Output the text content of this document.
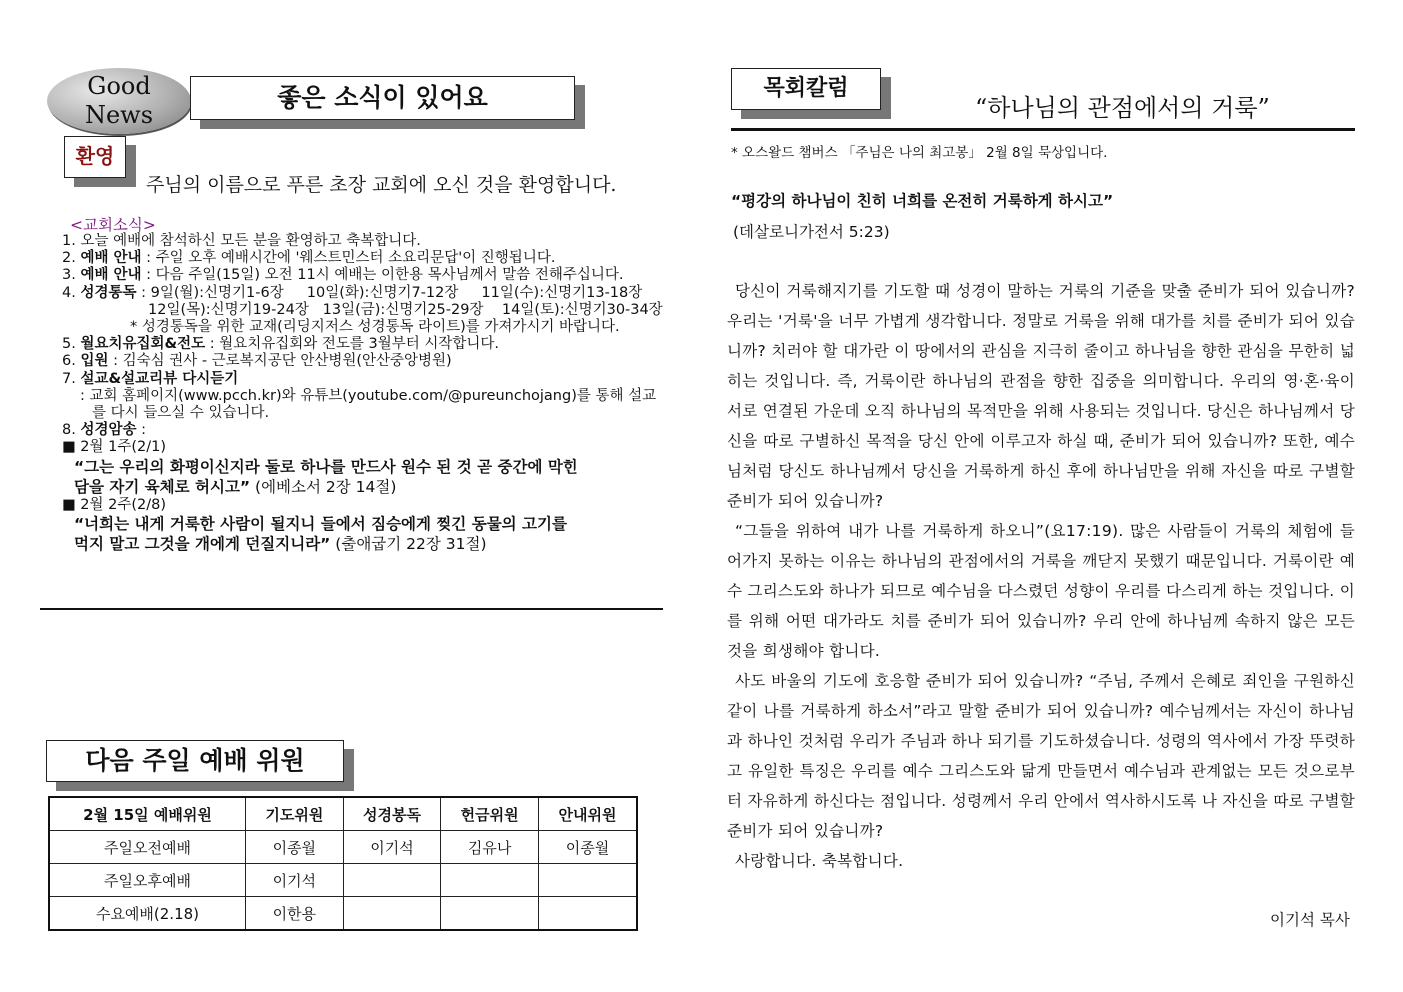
Good
News
좋은 소식이 있어요
환영
주님의 이름으로 푸른 초장 교회에 오신 것을 환영합니다.
<교회소식>
1. 오늘 예배에 참석하신 모든 분을 환영하고 축복합니다.
2. 예배 안내 : 주일 오후 예배시간에 '웨스트민스터 소요리문답'이 진행됩니다.
3. 예배 안내 : 다음 주일(15일) 오전 11시 예배는 이한용 목사님께서 말씀 전해주십니다.
4. 성경통독 : 9일(월):신명기1-6장     10일(화):신명기7-12장     11일(수):신명기13-18장
12일(목):신명기19-24장   13일(금):신명기25-29장    14일(토):신명기30-34장
* 성경통독을 위한 교재(리딩지저스 성경통독 라이트)를 가져가시기 바랍니다.
5. 월요치유집회&전도 : 월요치유집회와 전도를 3월부터 시작합니다.
6. 입원 : 김숙심 권사 - 근로복지공단 안산병원(안산중앙병원)
7. 설교&설교리뷰 다시듣기
: 교회 홈페이지(www.pcch.kr)와 유튜브(youtube.com/@pureunchojang)를 통해 설교
를 다시 들으실 수 있습니다.
8. 성경암송 :
■ 2월 1주(2/1)
“그는 우리의 화평이신지라 둘로 하나를 만드사 원수 된 것 곧 중간에 막힌
담을 자기 육체로 허시고” (에베소서 2장 14절)
■ 2월 2주(2/8)
“너희는 내게 거룩한 사람이 될지니 들에서 짐승에게 찢긴 동물의 고기를
먹지 말고 그것을 개에게 던질지니라” (출애굽기 22장 31절)
다음 주일 예배 위원
2월 15일 예배위원	기도위원	성경봉독	헌금위원	안내위원
주일오전예배	이종월	이기석	김유나	이종월
주일오후예배	이기석			
수요예배(2.18)	이한용			
목회칼럼
“하나님의 관점에서의 거룩”
* 오스왈드 챔버스 「주님은 나의 최고봉」 2월 8일 묵상입니다.
“평강의 하나님이 친히 너희를 온전히 거룩하게 하시고”
(데살로니가전서 5:23)

당신이 거룩해지기를 기도할 때 성경이 말하는 거룩의 기준을 맞출 준비가 되어 있습니까? 우리는 '거룩'을 너무 가볍게 생각합니다. 정말로 거룩을 위해 대가를 치를 준비가 되어 있습니까? 치러야 할 대가란 이 땅에서의 관심을 지극히 줄이고 하나님을 향한 관심을 무한히 넓히는 것입니다. 즉, 거룩이란 하나님의 관점을 향한 집중을 의미합니다. 우리의 영·혼·육이 서로 연결된 가운데 오직 하나님의 목적만을 위해 사용되는 것입니다. 당신은 하나님께서 당신을 따로 구별하신 목적을 당신 안에 이루고자 하실 때, 준비가 되어 있습니까? 또한, 예수님처럼 당신도 하나님께서 당신을 거룩하게 하신 후에 하나님만을 위해 자신을 따로 구별할 준비가 되어 있습니까?

“그들을 위하여 내가 나를 거룩하게 하오니”(요17:19). 많은 사람들이 거룩의 체험에 들어가지 못하는 이유는 하나님의 관점에서의 거룩을 깨닫지 못했기 때문입니다. 거룩이란 예수 그리스도와 하나가 되므로 예수님을 다스렸던 성향이 우리를 다스리게 하는 것입니다. 이를 위해 어떤 대가라도 치를 준비가 되어 있습니까? 우리 안에 하나님께 속하지 않은 모든 것을 희생해야 합니다.

사도 바울의 기도에 호응할 준비가 되어 있습니까? “주님, 주께서 은혜로 죄인을 구원하신 같이 나를 거룩하게 하소서”라고 말할 준비가 되어 있습니까? 예수님께서는 자신이 하나님과 하나인 것처럼 우리가 주님과 하나 되기를 기도하셨습니다. 성령의 역사에서 가장 뚜렷하고 유일한 특징은 우리를 예수 그리스도와 닮게 만들면서 예수님과 관계없는 모든 것으로부터 자유하게 하신다는 점입니다. 성령께서 우리 안에서 역사하시도록 나 자신을 따로 구별할 준비가 되어 있습니까?

사랑합니다. 축복합니다.

이기석 목사
